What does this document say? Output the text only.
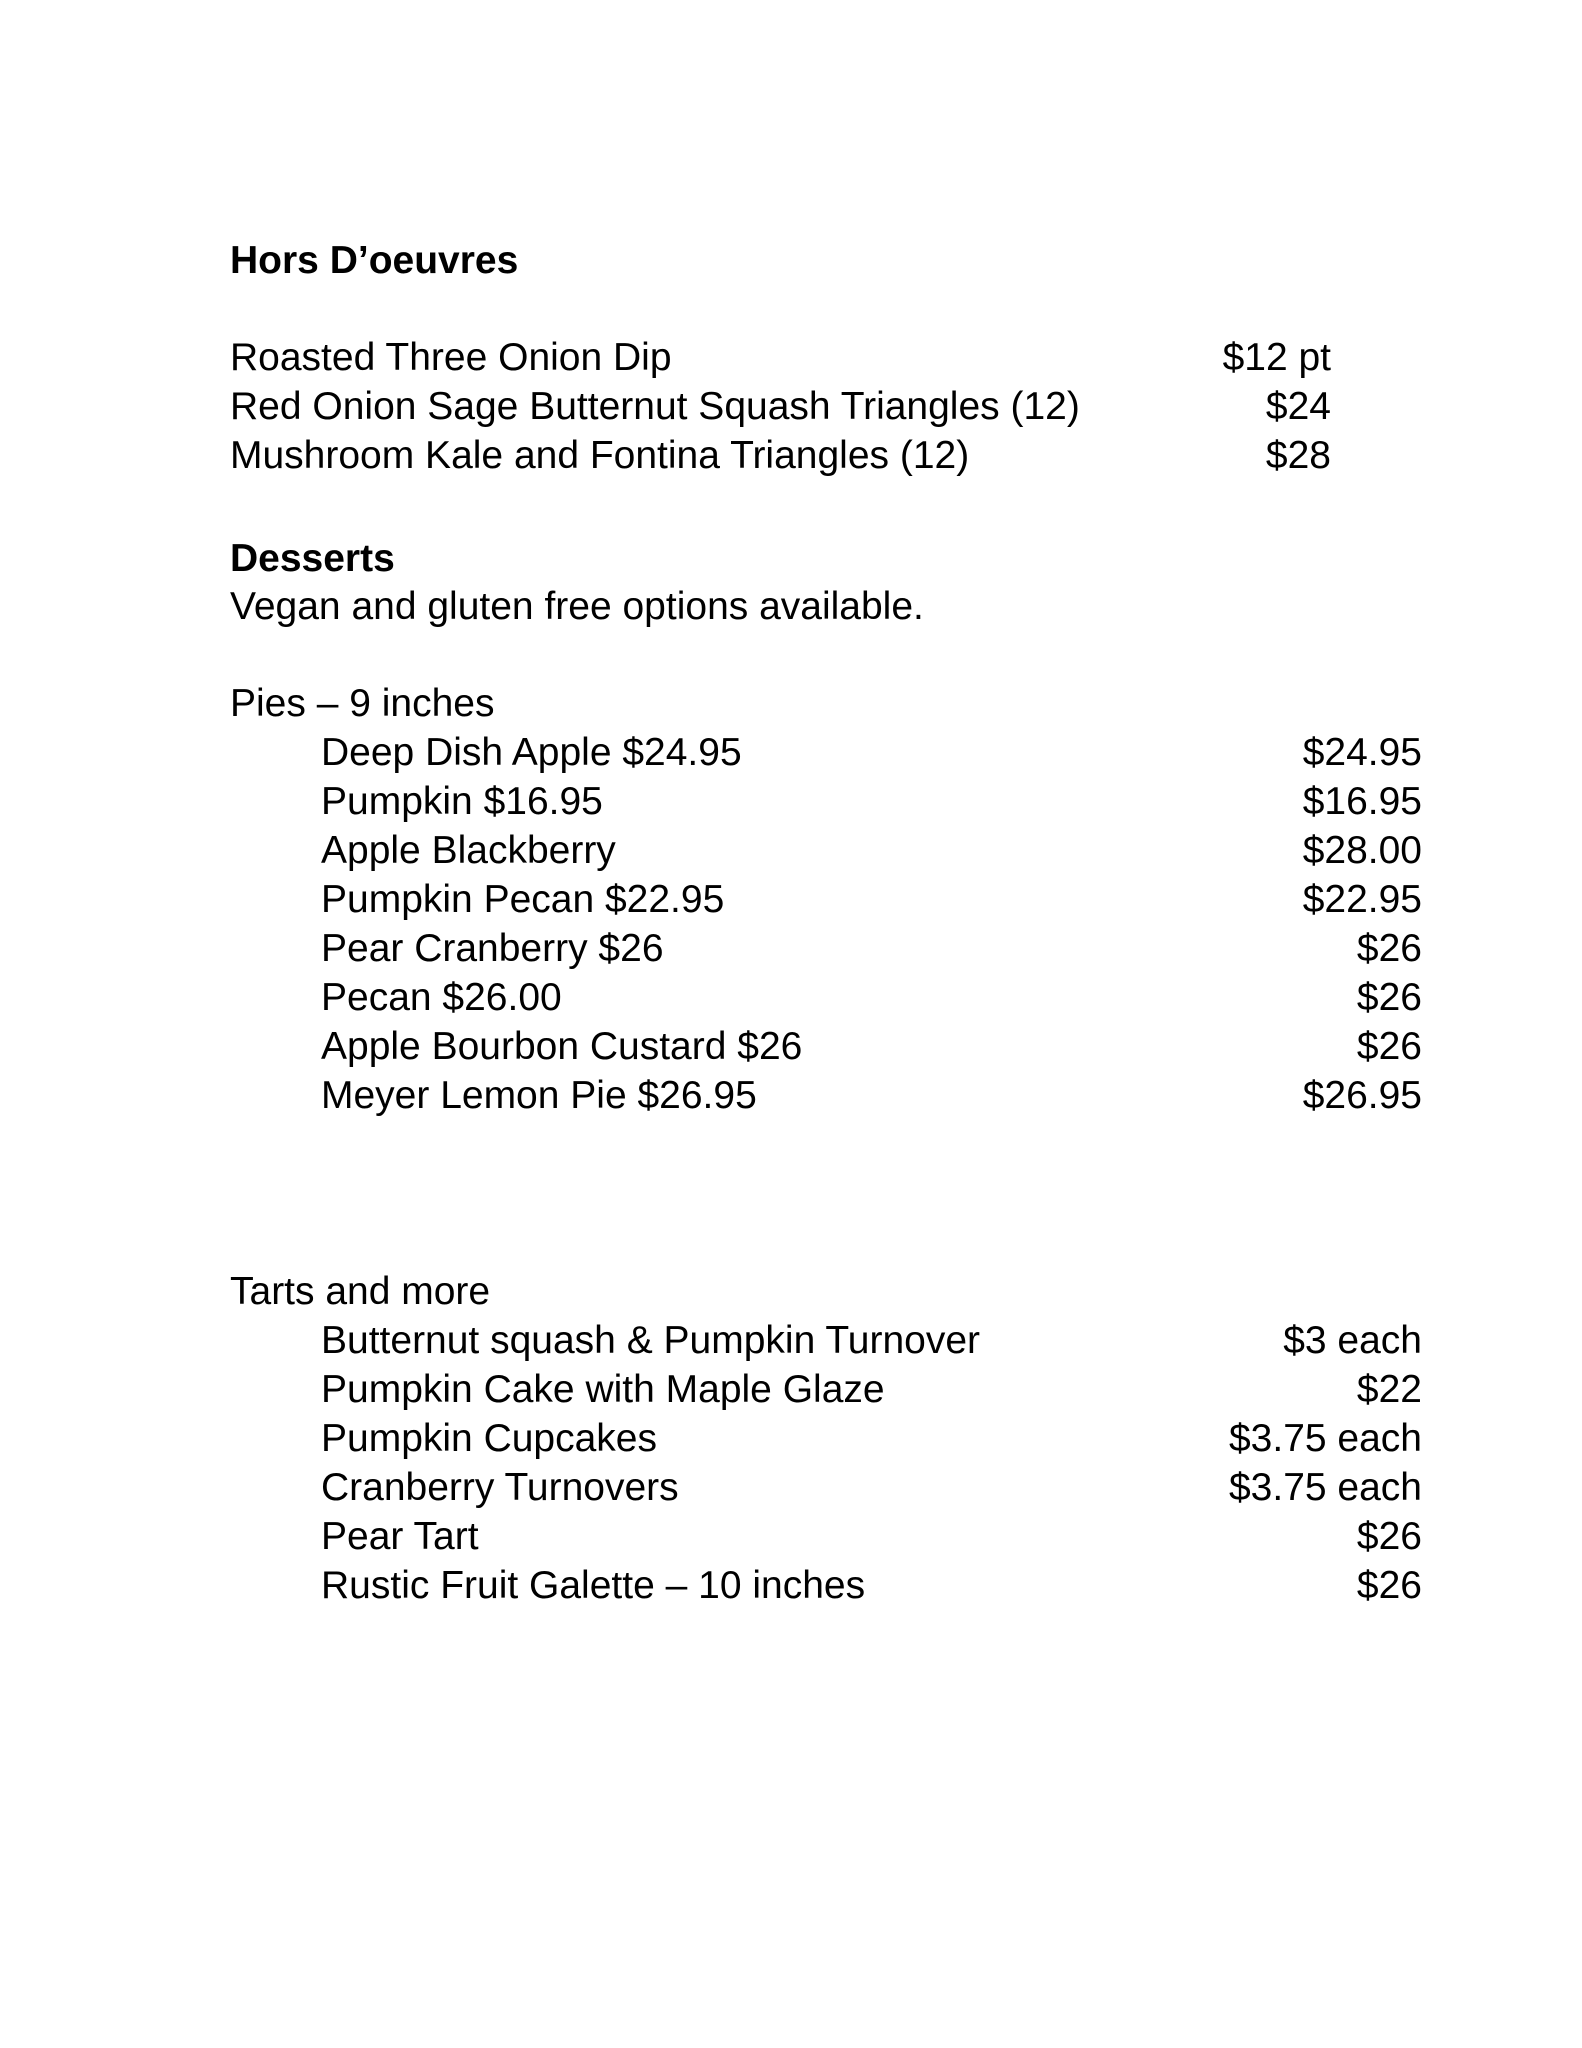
Hors D’oeuvres
Roasted Three Onion Dip	$12 pt
Red Onion Sage Butternut Squash Triangles (12)	$24
Mushroom Kale and Fontina Triangles (12)	$28
Desserts
Vegan and gluten free options available.
Pies – 9 inches
Deep Dish Apple $24.95	$24.95
Pumpkin $16.95	$16.95
Apple Blackberry	$28.00
Pumpkin Pecan $22.95	$22.95
Pear Cranberry $26	$26
Pecan $26.00	$26
Apple Bourbon Custard $26	$26
Meyer Lemon Pie $26.95	$26.95
Tarts and more
Butternut squash & Pumpkin Turnover	$3 each
Pumpkin Cake with Maple Glaze	$22
Pumpkin Cupcakes	$3.75 each
Cranberry Turnovers	$3.75 each
Pear Tart	$26
Rustic Fruit Galette – 10 inches	$26
